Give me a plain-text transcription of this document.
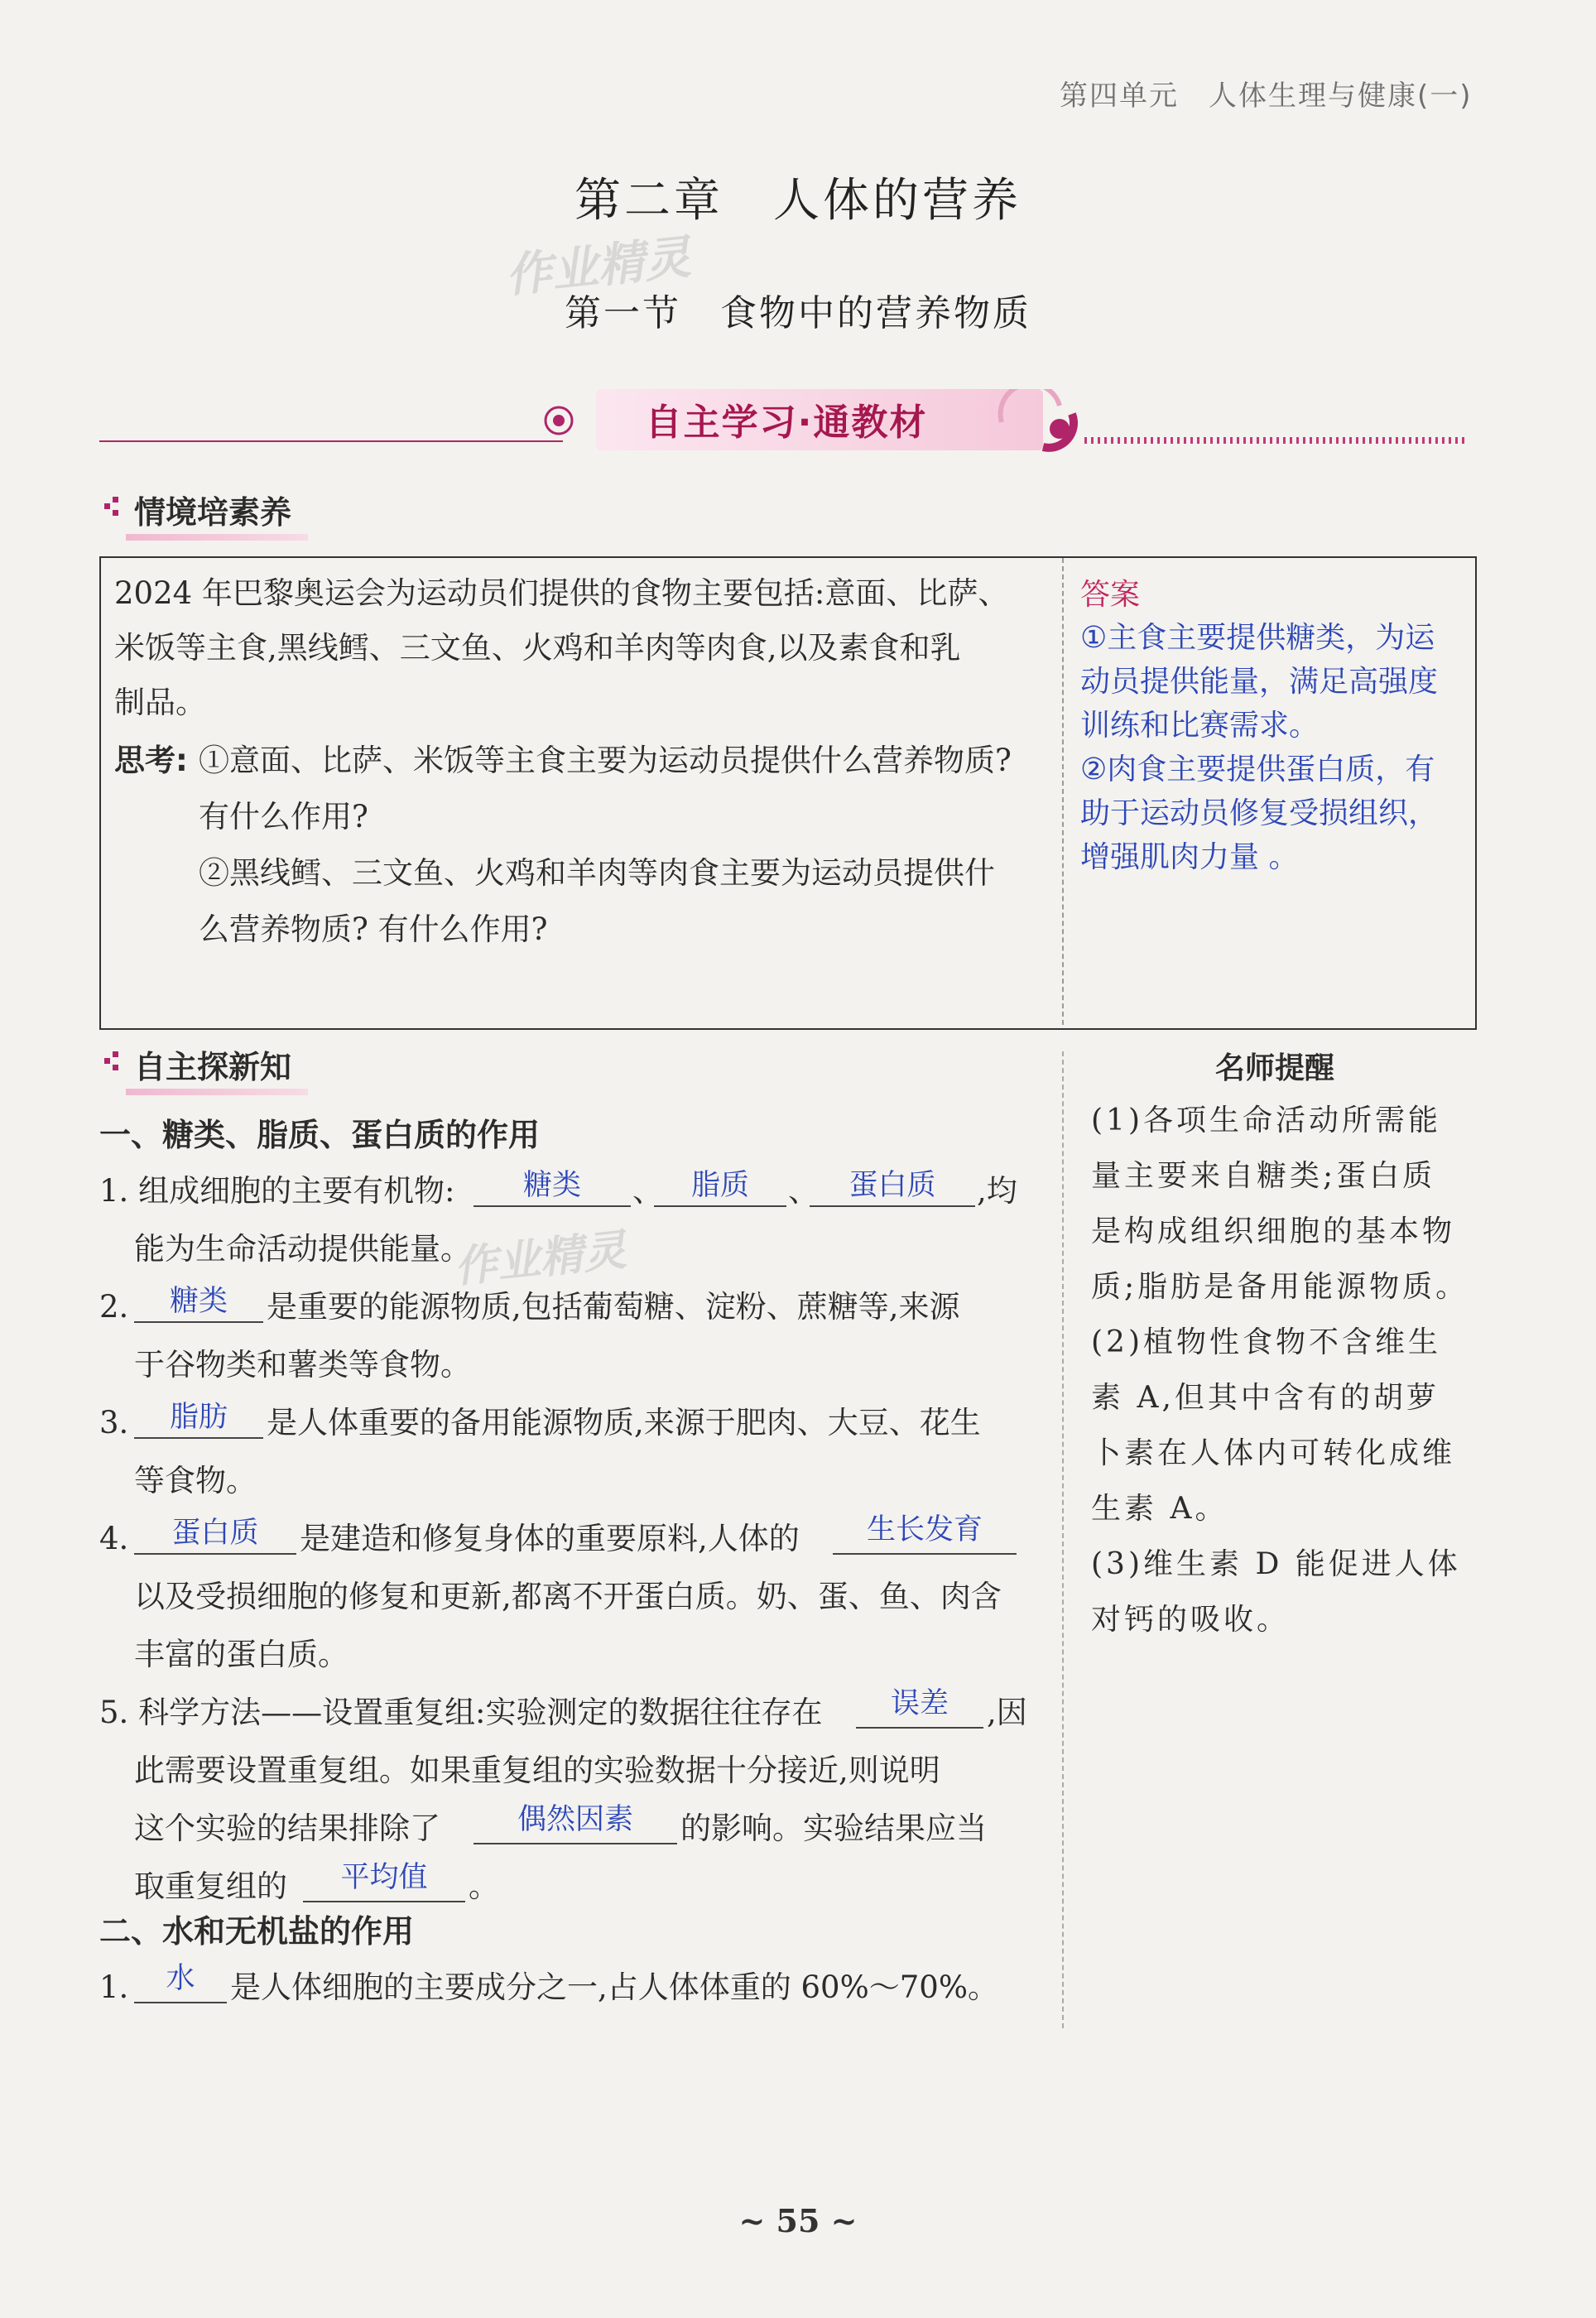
第四单元　人体生理与健康(一)
第二章　人体的营养
作业精灵
第一节　食物中的营养物质
自主学习·通教材
情境培素养
2024 年巴黎奥运会为运动员们提供的食物主要包括:意面、比萨、
米饭等主食,黑线鳕、三文鱼、火鸡和羊肉等肉食,以及素食和乳
制品。
思考: ①意面、比萨、米饭等主食主要为运动员提供什么营养物质?
有什么作用?
②黑线鳕、三文鱼、火鸡和羊肉等肉食主要为运动员提供什
么营养物质? 有什么作用?
答案
①主食主要提供糖类，为运
动员提供能量，满足高强度
训练和比赛需求。
②肉食主要提供蛋白质，有
助于运动员修复受损组织，
增强肌肉力量 。
自主探新知	名师提醒
(1)各项生命活动所需能
量主要来自糖类;蛋白质
是构成组织细胞的基本物
质;脂肪是备用能源物质。
(2)植物性食物不含维生
素 A,但其中含有的胡萝
卜素在人体内可转化成维
生素 A。
(3)维生素 D 能促进人体
对钙的吸收。
一、糖类、脂质、蛋白质的作用
1. 组成细胞的主要有机物:	糖类	、 脂质	、	蛋白质	,均
能为生命活动提供能量。
作业精灵
2.	糖类	是重要的能源物质,包括葡萄糖、淀粉、蔗糖等,来源
于谷物类和薯类等食物。
3.	脂肪	是人体重要的备用能源物质,来源于肥肉、大豆、花生
等食物。
4.	蛋白质	是建造和修复身体的重要原料,人体的	生长发育
以及受损细胞的修复和更新,都离不开蛋白质。奶、蛋、鱼、肉含
丰富的蛋白质。
5. 科学方法——设置重复组:实验测定的数据往往存在	误差	,因
此需要设置重复组。如果重复组的实验数据十分接近,则说明
这个实验的结果排除了	偶然因素	的影响。实验结果应当
取重复组的	平均值	。
二、水和无机盐的作用
1.	水	是人体细胞的主要成分之一,占人体体重的 60%～70%。
~ 55 ~
